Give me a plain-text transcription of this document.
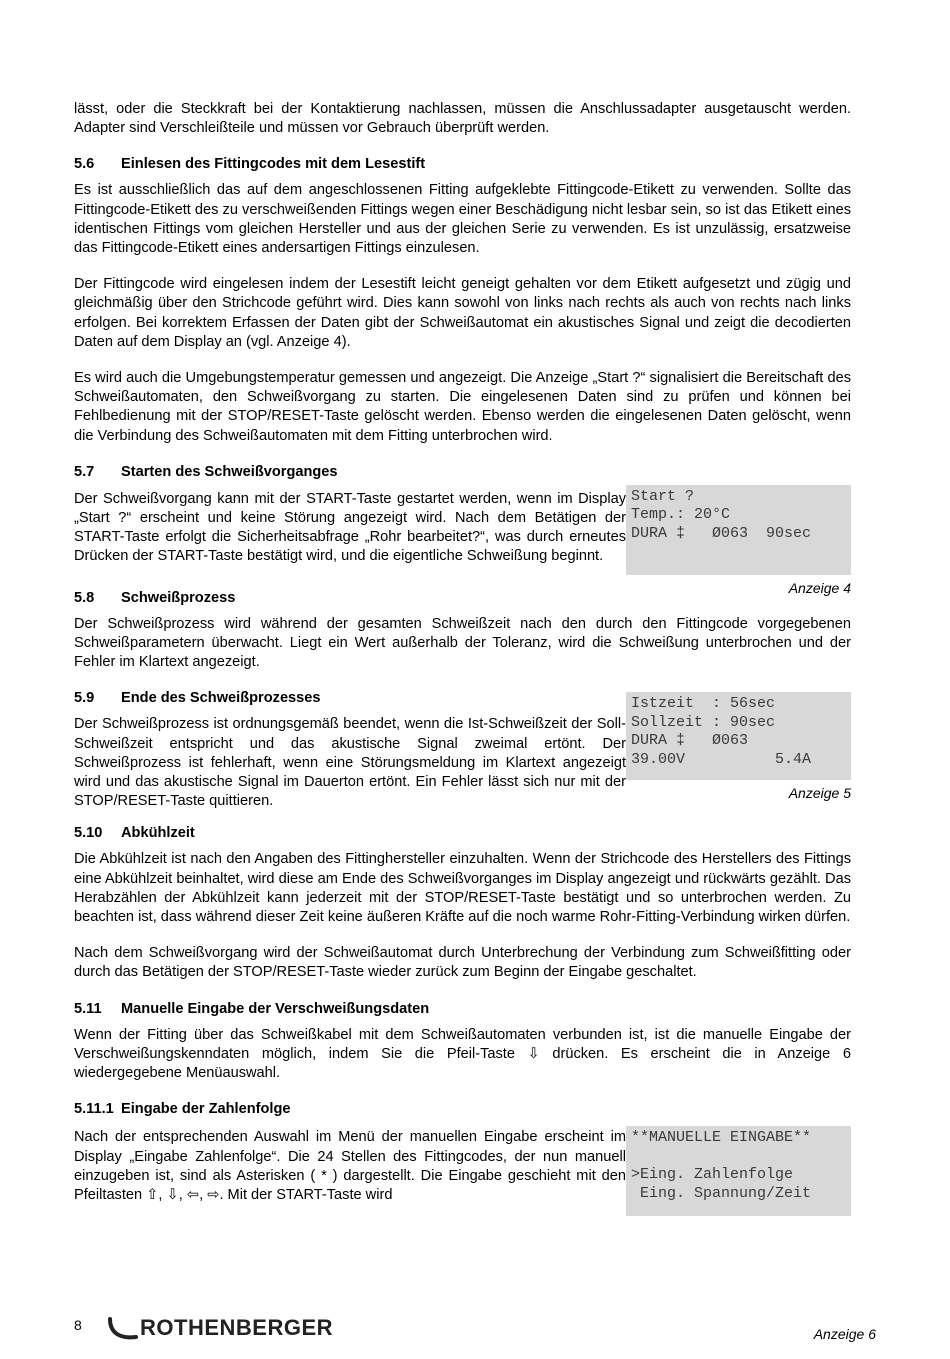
lässt, oder die Steckkraft bei der Kontaktierung nachlassen, müssen die Anschlussadapter ausgetauscht werden. Adapter sind Verschleißteile und müssen vor Gebrauch überprüft werden.

5.6 Einlesen des Fittingcodes mit dem Lesestift

Es ist ausschließlich das auf dem angeschlossenen Fitting aufgeklebte Fittingcode-Etikett zu verwenden. Sollte das Fittingcode-Etikett des zu verschweißenden Fittings wegen einer Beschädigung nicht lesbar sein, so ist das Etikett eines identischen Fittings vom gleichen Hersteller und aus der gleichen Serie zu verwenden. Es ist unzulässig, ersatzweise das Fittingcode-Etikett eines andersartigen Fittings einzulesen.

Der Fittingcode wird eingelesen indem der Lesestift leicht geneigt gehalten vor dem Etikett aufgesetzt und zügig und gleichmäßig über den Strichcode geführt wird. Dies kann sowohl von links nach rechts als auch von rechts nach links erfolgen. Bei korrektem Erfassen der Daten gibt der Schweißautomat ein akustisches Signal und zeigt die decodierten Daten auf dem Display an (vgl. Anzeige 4).

Es wird auch die Umgebungstemperatur gemessen und angezeigt. Die Anzeige „Start ?“ signalisiert die Bereitschaft des Schweißautomaten, den Schweißvorgang zu starten. Die eingelesenen Daten sind zu prüfen und können bei Fehlbedienung mit der STOP/RESET-Taste gelöscht werden. Ebenso werden die eingelesenen Daten gelöscht, wenn die Verbindung des Schweißautomaten mit dem Fitting unterbrochen wird.

5.7 Starten des Schweißvorganges

Der Schweißvorgang kann mit der START-Taste gestartet werden, wenn im Display „Start ?“ erscheint und keine Störung angezeigt wird. Nach dem Betätigen der START-Taste erfolgt die Sicherheitsabfrage „Rohr bearbeitet?“, was durch erneutes Drücken der START-Taste bestätigt wird, und die eigentliche Schweißung beginnt.

Start ?
Temp.: 20°C
DURA ‡   Ø063  90sec
Anzeige 4
5.8 Schweißprozess

Der Schweißprozess wird während der gesamten Schweißzeit nach den durch den Fittingcode vorgegebenen Schweißparametern überwacht. Liegt ein Wert außerhalb der Toleranz, wird die Schweißung unterbrochen und der Fehler im Klartext angezeigt.

5.9 Ende des Schweißprozesses

Der Schweißprozess ist ordnungsgemäß beendet, wenn die Ist-Schweißzeit der Soll-Schweißzeit entspricht und das akustische Signal zweimal ertönt. Der Schweißprozess ist fehlerhaft, wenn eine Störungsmeldung im Klartext angezeigt wird und das akustische Signal im Dauerton ertönt. Ein Fehler lässt sich nur mit der STOP/RESET-Taste quittieren.

Istzeit  : 56sec
Sollzeit : 90sec
DURA ‡   Ø063
39.00V          5.4A
Anzeige 5
5.10 Abkühlzeit

Die Abkühlzeit ist nach den Angaben des Fittinghersteller einzuhalten. Wenn der Strichcode des Herstellers des Fittings eine Abkühlzeit beinhaltet, wird diese am Ende des Schweißvorganges im Display angezeigt und rückwärts gezählt. Das Herabzählen der Abkühlzeit kann jederzeit mit der STOP/RESET-Taste bestätigt und so unterbrochen werden. Zu beachten ist, dass während dieser Zeit keine äußeren Kräfte auf die noch warme Rohr-Fitting-Verbindung wirken dürfen.

Nach dem Schweißvorgang wird der Schweißautomat durch Unterbrechung der Verbindung zum Schweißfitting oder durch das Betätigen der STOP/RESET-Taste wieder zurück zum Beginn der Eingabe geschaltet.

5.11 Manuelle Eingabe der Verschweißungsdaten

Wenn der Fitting über das Schweißkabel mit dem Schweißautomaten verbunden ist, ist die manuelle Eingabe der Verschweißungskenndaten möglich, indem Sie die Pfeil-Taste ⇩ drücken. Es erscheint die in Anzeige 6 wiedergegebene Menüauswahl.

5.11.1 Eingabe der Zahlenfolge

Nach der entsprechenden Auswahl im Menü der manuellen Eingabe erscheint im Display „Eingabe Zahlenfolge“. Die 24 Stellen des Fittingcodes, der nun manuell einzugeben ist, sind als Asterisken ( * ) dargestellt. Die Eingabe geschieht mit den Pfeiltasten ⇧, ⇩, ⇦, ⇨. Mit der START-Taste wird

**MANUELLE EINGABE**
>Eing. Zahlenfolge
Eing. Spannung/Zeit
8	ROTHENBERGER	Anzeige 6
